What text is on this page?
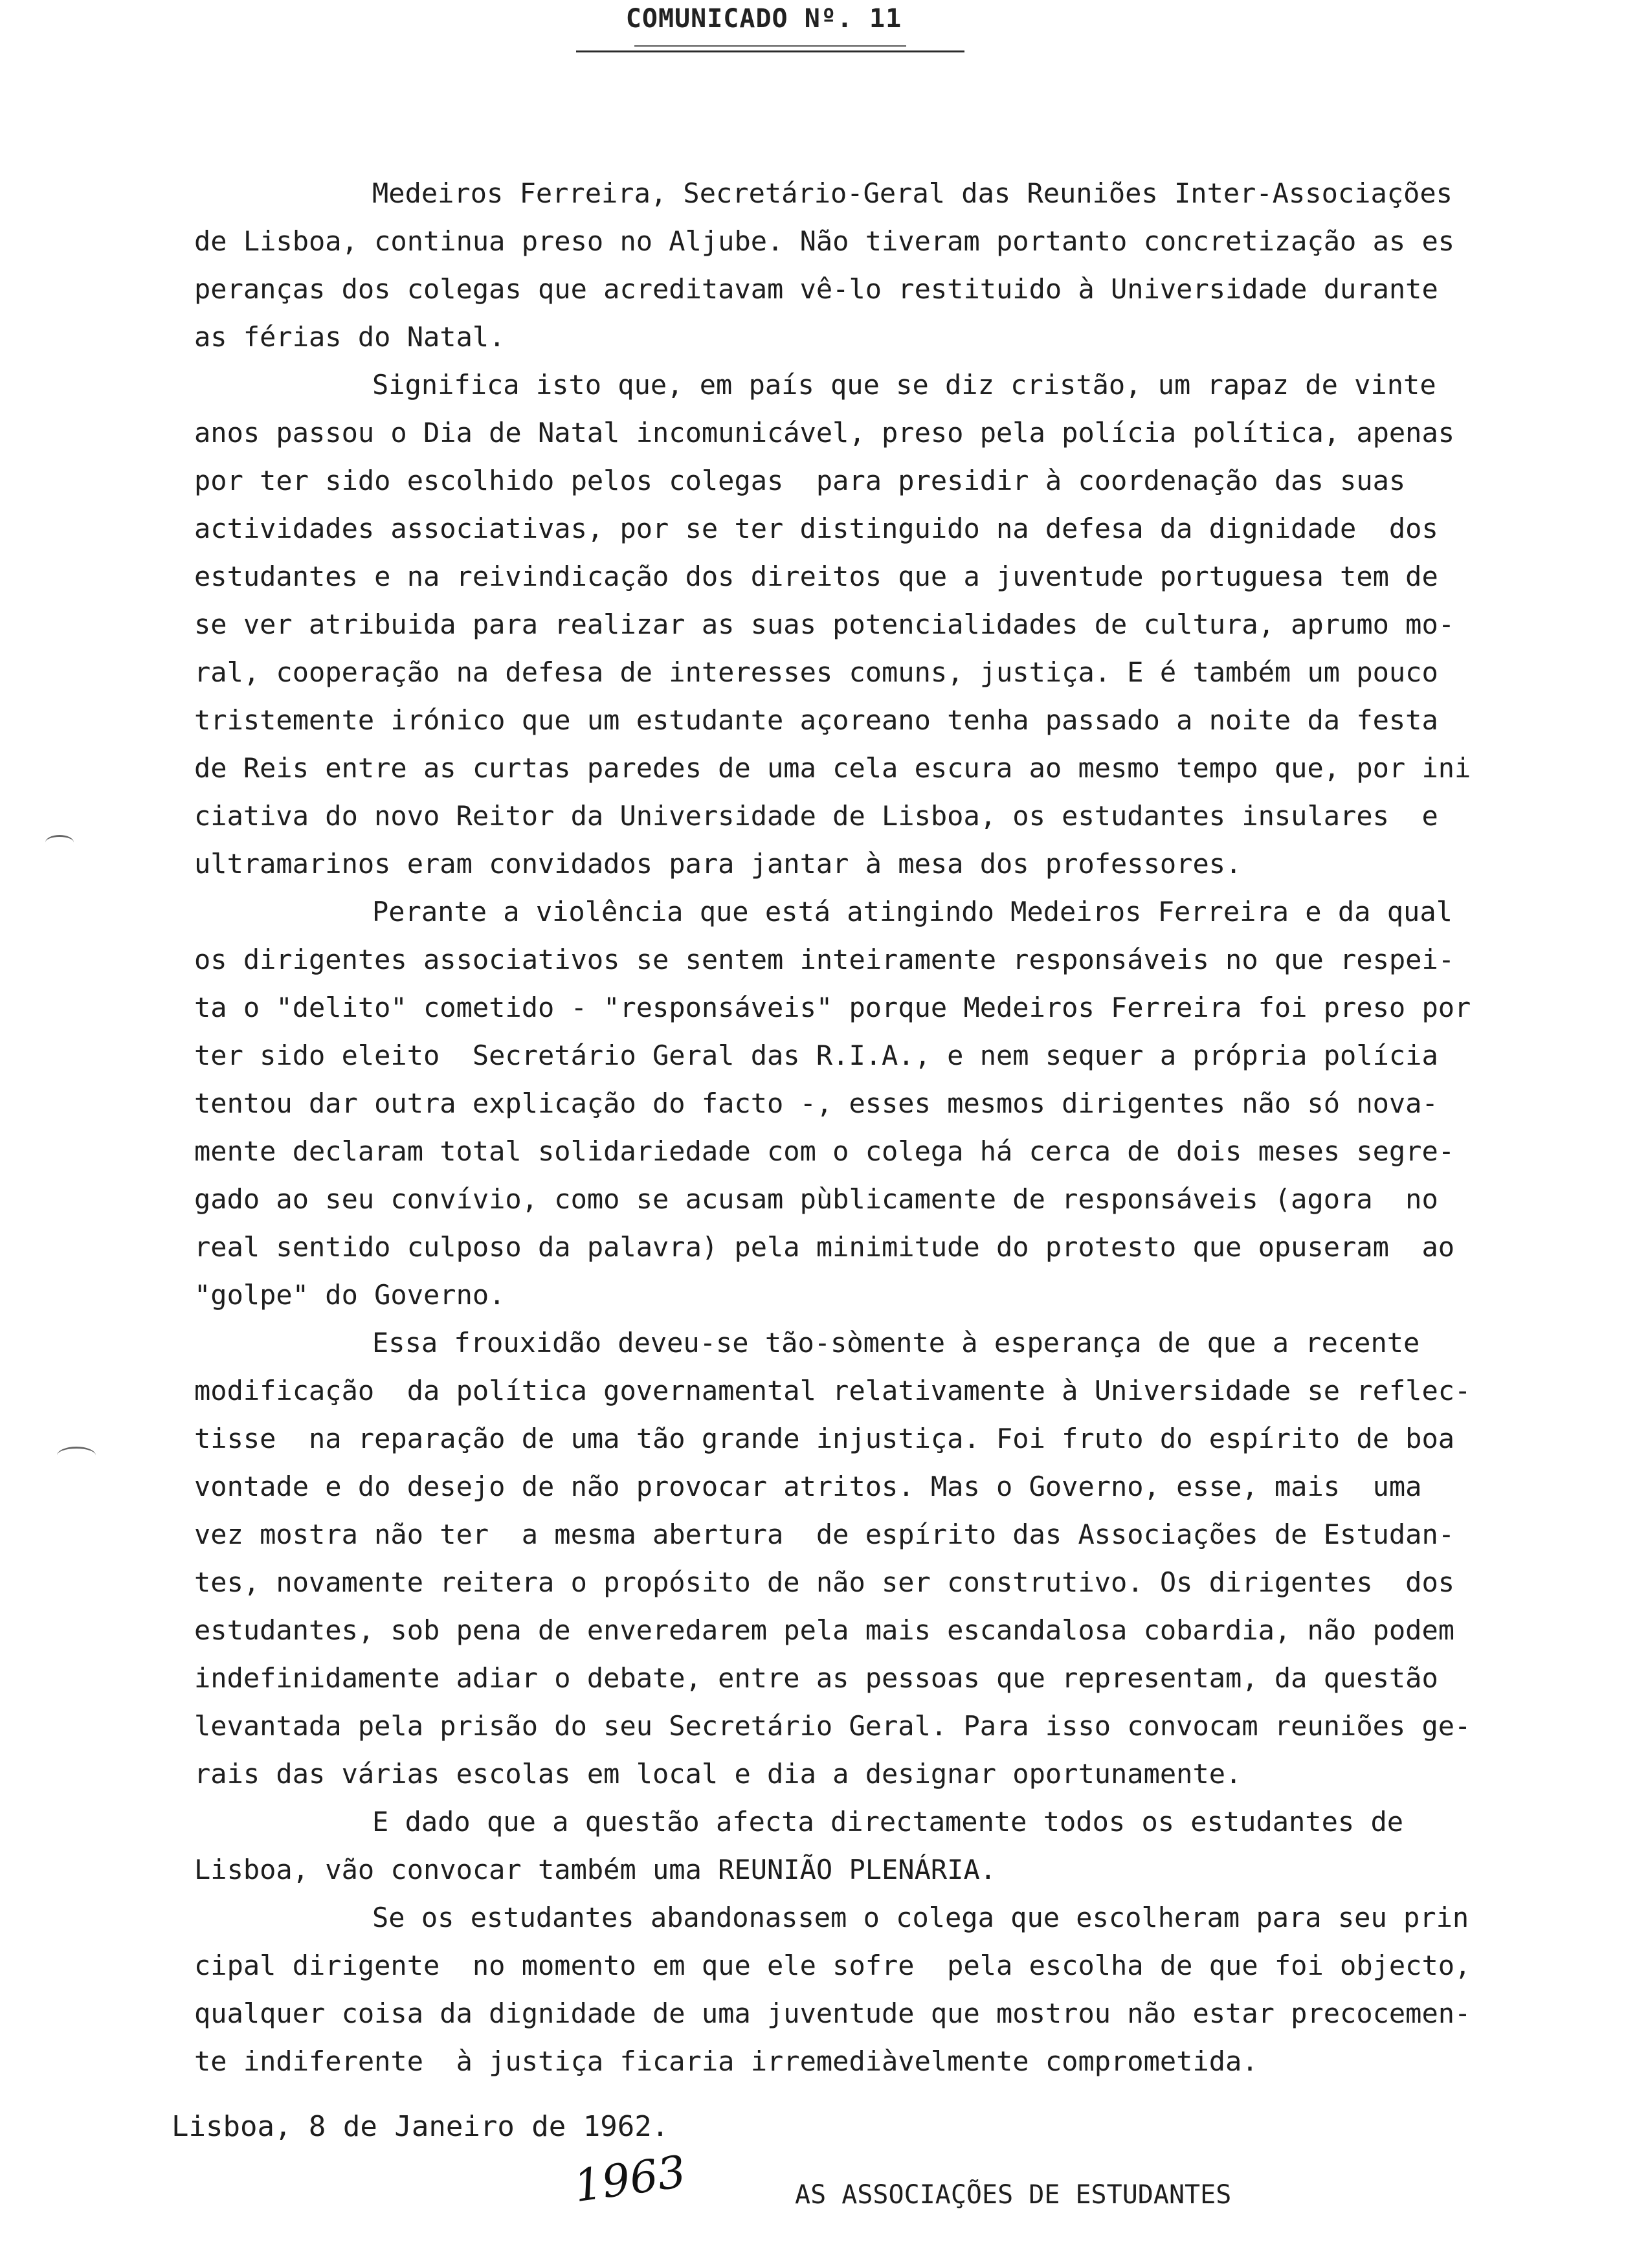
COMUNICADO Nº. 11
Medeiros Ferreira, Secretário-Geral das Reuniões Inter-Associações
de Lisboa, continua preso no Aljube. Não tiveram portanto concretização as es
peranças dos colegas que acreditavam vê-lo restituido à Universidade durante
as férias do Natal.
Significa isto que, em país que se diz cristão, um rapaz de vinte
anos passou o Dia de Natal incomunicável, preso pela polícia política, apenas
por ter sido escolhido pelos colegas  para presidir à coordenação das suas
actividades associativas, por se ter distinguido na defesa da dignidade  dos
estudantes e na reivindicação dos direitos que a juventude portuguesa tem de
se ver atribuida para realizar as suas potencialidades de cultura, aprumo mo-
ral, cooperação na defesa de interesses comuns, justiça. E é também um pouco
tristemente irónico que um estudante açoreano tenha passado a noite da festa
de Reis entre as curtas paredes de uma cela escura ao mesmo tempo que, por ini
ciativa do novo Reitor da Universidade de Lisboa, os estudantes insulares  e
ultramarinos eram convidados para jantar à mesa dos professores.
Perante a violência que está atingindo Medeiros Ferreira e da qual
os dirigentes associativos se sentem inteiramente responsáveis no que respei-
ta o "delito" cometido - "responsáveis" porque Medeiros Ferreira foi preso por
ter sido eleito  Secretário Geral das R.I.A., e nem sequer a própria polícia
tentou dar outra explicação do facto -, esses mesmos dirigentes não só nova-
mente declaram total solidariedade com o colega há cerca de dois meses segre-
gado ao seu convívio, como se acusam pùblicamente de responsáveis (agora  no
real sentido culposo da palavra) pela minimitude do protesto que opuseram  ao
"golpe" do Governo.
Essa frouxidão deveu-se tão-sòmente à esperança de que a recente
modificação  da política governamental relativamente à Universidade se reflec-
tisse  na reparação de uma tão grande injustiça. Foi fruto do espírito de boa
vontade e do desejo de não provocar atritos. Mas o Governo, esse, mais  uma
vez mostra não ter  a mesma abertura  de espírito das Associações de Estudan-
tes, novamente reitera o propósito de não ser construtivo. Os dirigentes  dos
estudantes, sob pena de enveredarem pela mais escandalosa cobardia, não podem
indefinidamente adiar o debate, entre as pessoas que representam, da questão
levantada pela prisão do seu Secretário Geral. Para isso convocam reuniões ge-
rais das várias escolas em local e dia a designar oportunamente.
E dado que a questão afecta directamente todos os estudantes de
Lisboa, vão convocar também uma REUNIÃO PLENÁRIA.
Se os estudantes abandonassem o colega que escolheram para seu prin
cipal dirigente  no momento em que ele sofre  pela escolha de que foi objecto,
qualquer coisa da dignidade de uma juventude que mostrou não estar precocemen-
te indiferente  à justiça ficaria irremediàvelmente comprometida.
Lisboa, 8 de Janeiro de 1962.
1963	AS ASSOCIAÇÕES DE ESTUDANTES
